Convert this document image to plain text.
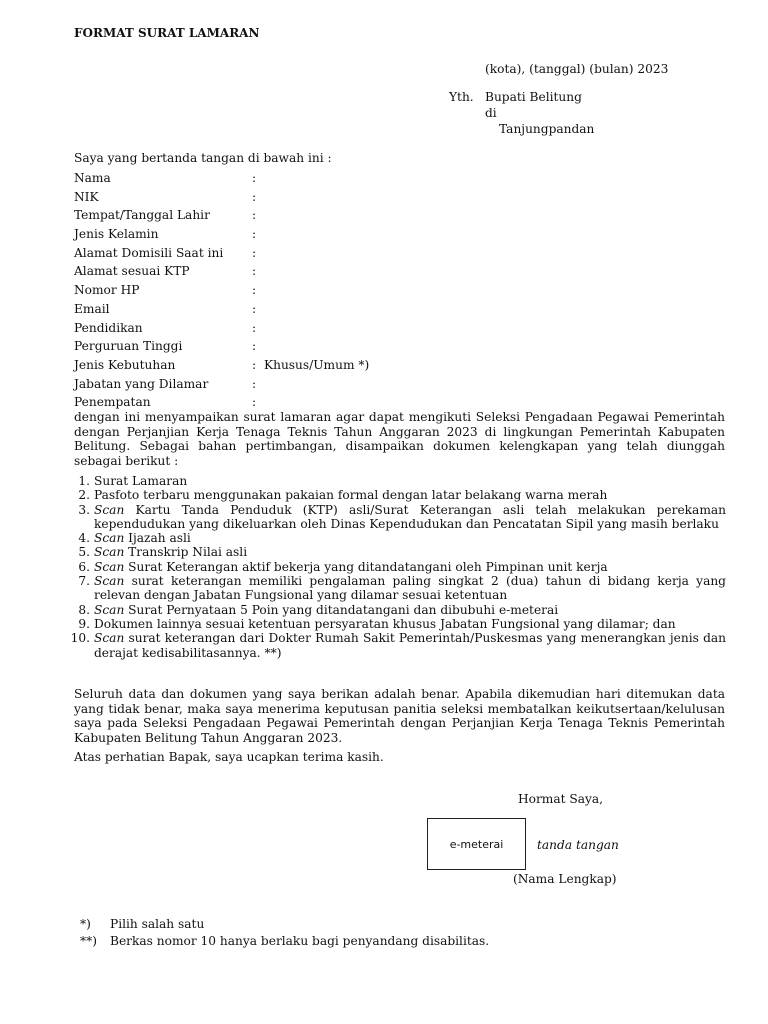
FORMAT SURAT LAMARAN
(kota), (tanggal) (bulan) 2023
Yth. Bupati Belitung
di
Tanjungpandan
Saya yang bertanda tangan di bawah ini :
Nama	:
NIK	:
Tempat/Tanggal Lahir	:
Jenis Kelamin	:
Alamat Domisili Saat ini :
Alamat sesuai KTP	:
Nomor HP	:
Email	:
Pendidikan	:
Perguruan Tinggi	:
Jenis Kebutuhan	: Khusus/Umum *)
Jabatan yang Dilamar	:
Penempatan	:
dengan ini menyampaikan surat lamaran agar dapat mengikuti Seleksi Pengadaan Pegawai Pemerintah dengan Perjanjian Kerja Tenaga Teknis Tahun Anggaran 2023 di lingkungan Pemerintah Kabupaten Belitung. Sebagai bahan pertimbangan, disampaikan dokumen kelengkapan yang telah diunggah sebagai berikut :
1. Surat Lamaran
2. Pasfoto terbaru menggunakan pakaian formal dengan latar belakang warna merah
3. Scan Kartu Tanda Penduduk (KTP) asli/Surat Keterangan asli telah melakukan perekaman kependudukan yang dikeluarkan oleh Dinas Kependudukan dan Pencatatan Sipil yang masih berlaku
4. Scan Ijazah asli
5. Scan Transkrip Nilai asli
6. Scan Surat Keterangan aktif bekerja yang ditandatangani oleh Pimpinan unit kerja
7. Scan surat keterangan memiliki pengalaman paling singkat 2 (dua) tahun di bidang kerja yang relevan dengan Jabatan Fungsional yang dilamar sesuai ketentuan
8. Scan Surat Pernyataan 5 Poin yang ditandatangani dan dibubuhi e-meterai
9. Dokumen lainnya sesuai ketentuan persyaratan khusus Jabatan Fungsional yang dilamar; dan
10. Scan surat keterangan dari Dokter Rumah Sakit Pemerintah/Puskesmas yang menerangkan jenis dan derajat kedisabilitasannya. **)
Seluruh data dan dokumen yang saya berikan adalah benar. Apabila dikemudian hari ditemukan data yang tidak benar, maka saya menerima keputusan panitia seleksi membatalkan keikutsertaan/kelulusan saya pada Seleksi Pengadaan Pegawai Pemerintah dengan Perjanjian Kerja Tenaga Teknis Pemerintah Kabupaten Belitung Tahun Anggaran 2023.
Atas perhatian Bapak, saya ucapkan terima kasih.
Hormat Saya,
e-meterai	tanda tangan
(Nama Lengkap)
*) Pilih salah satu
**) Berkas nomor 10 hanya berlaku bagi penyandang disabilitas.
